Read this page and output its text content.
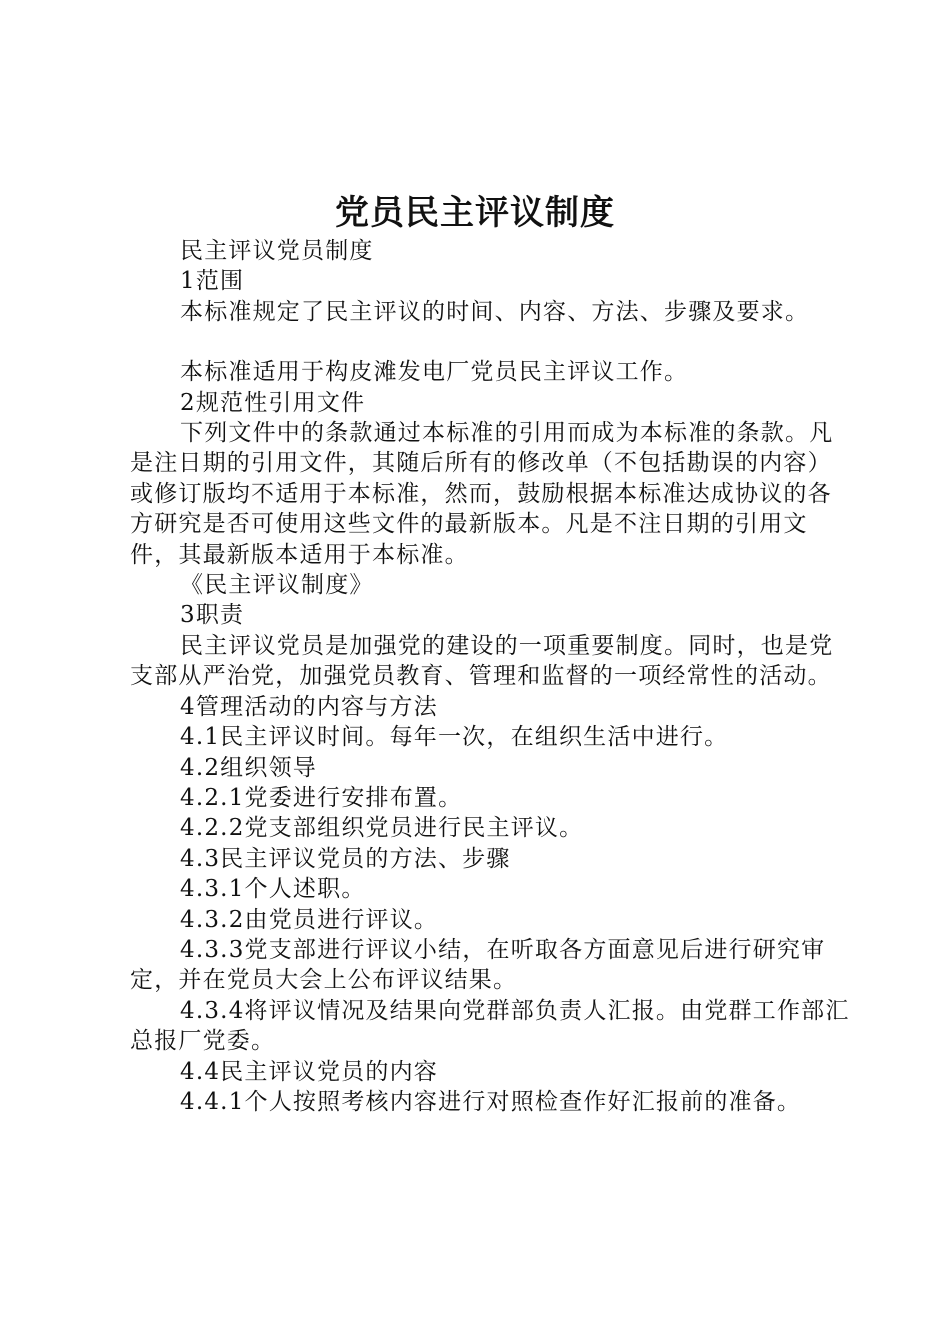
党员民主评议制度

民主评议党员制度

1范围

本标准规定了民主评议的时间、内容、方法、步骤及要求。

本标准适用于构皮滩发电厂党员民主评议工作。

2规范性引用文件

下列文件中的条款通过本标准的引用而成为本标准的条款。凡是注日期的引用文件，其随后所有的修改单（不包括勘误的内容）或修订版均不适用于本标准，然而，鼓励根据本标准达成协议的各方研究是否可使用这些文件的最新版本。凡是不注日期的引用文件，其最新版本适用于本标准。

《民主评议制度》

3职责

民主评议党员是加强党的建设的一项重要制度。同时，也是党支部从严治党，加强党员教育、管理和监督的一项经常性的活动。

4管理活动的内容与方法

4.1民主评议时间。每年一次，在组织生活中进行。

4.2组织领导

4.2.1党委进行安排布置。

4.2.2党支部组织党员进行民主评议。

4.3民主评议党员的方法、步骤

4.3.1个人述职。

4.3.2由党员进行评议。

4.3.3党支部进行评议小结，在听取各方面意见后进行研究审定，并在党员大会上公布评议结果。

4.3.4将评议情况及结果向党群部负责人汇报。由党群工作部汇总报厂党委。

4.4民主评议党员的内容

4.4.1个人按照考核内容进行对照检查作好汇报前的准备。
